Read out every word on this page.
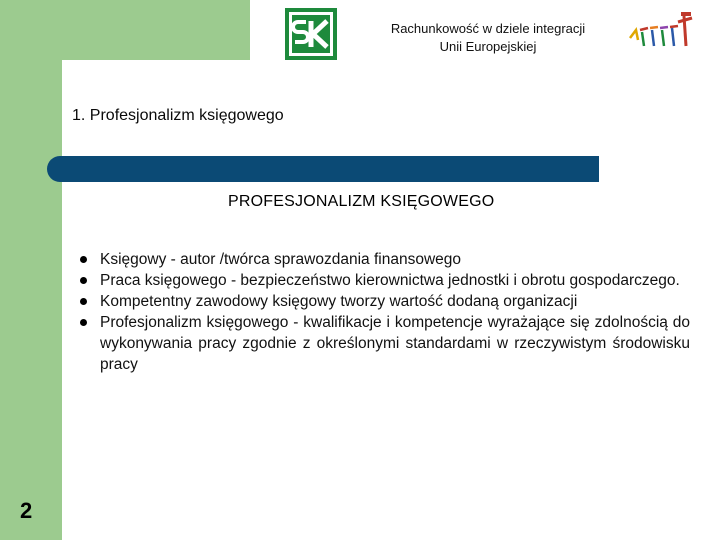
Rachunkowość w dziele integracji
Unii Europejskiej
1. Profesjonalizm księgowego
PROFESJONALIZM KSIĘGOWEGO
Księgowy - autor /twórca sprawozdania finansowego
Praca księgowego - bezpieczeństwo kierownictwa jednostki i obrotu gospodarczego.
Kompetentny zawodowy księgowy tworzy wartość dodaną organizacji
Profesjonalizm księgowego - kwalifikacje i kompetencje wyrażające się zdolnością do wykonywania pracy zgodnie z określonymi standardami w rzeczywistym środowisku pracy
2
